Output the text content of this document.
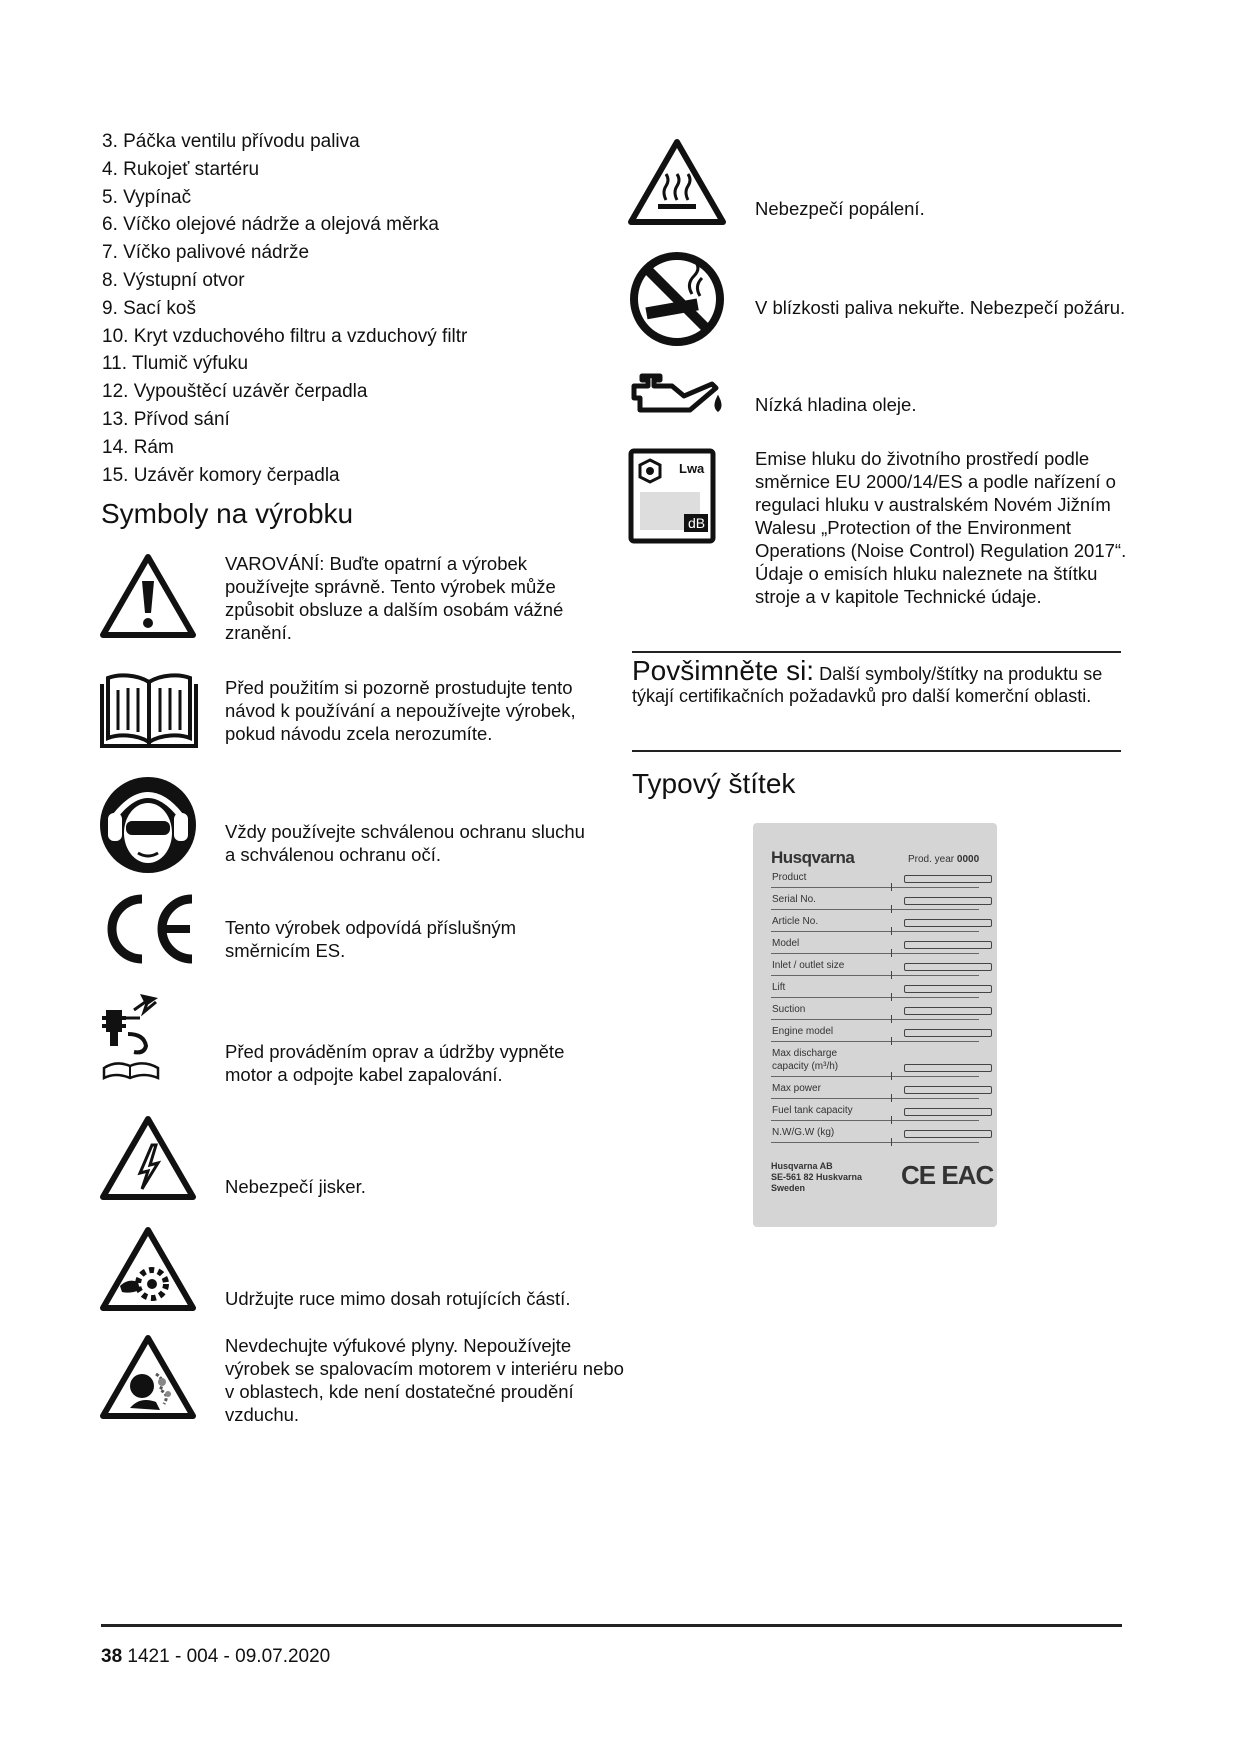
3. Páčka ventilu přívodu paliva
4. Rukojeť startéru
5. Vypínač
6. Víčko olejové nádrže a olejová měrka
7. Víčko palivové nádrže
8. Výstupní otvor
9. Sací koš
10. Kryt vzduchového filtru a vzduchový filtr
11. Tlumič výfuku
12. Vypouštěcí uzávěr čerpadla
13. Přívod sání
14. Rám
15. Uzávěr komory čerpadla
Symboly na výrobku
VAROVÁNÍ: Buďte opatrní a výrobek používejte správně. Tento výrobek může způsobit obsluze a dalším osobám vážné zranění.
Před použitím si pozorně prostudujte tento návod k používání a nepoužívejte výrobek, pokud návodu zcela nerozumíte.
Vždy používejte schválenou ochranu sluchu a schválenou ochranu očí.
Tento výrobek odpovídá příslušným směrnicím ES.
Před prováděním oprav a údržby vypněte motor a odpojte kabel zapalování.
Nebezpečí jisker.
Udržujte ruce mimo dosah rotujících částí.
Nevdechujte výfukové plyny. Nepoužívejte výrobek se spalovacím motorem v interiéru nebo v oblastech, kde není dostatečné proudění vzduchu.
Nebezpečí popálení.
V blízkosti paliva nekuřte. Nebezpečí požáru.
Nízká hladina oleje.
Lwa
dB
Emise hluku do životního prostředí podle směrnice EU 2000/14/ES a podle nařízení o regulaci hluku v australském Novém Jižním Walesu „Protection of the Environment Operations (Noise Control) Regulation 2017“. Údaje o emisích hluku naleznete na štítku stroje a v kapitole Technické údaje.
Povšimněte si: Další symboly/štítky na produktu se týkají certifikačních požadavků pro další komerční oblasti.
Typový štítek
Husqvarna	Prod. year 0000
Product
Serial No.
Article No.
Model
Inlet / outlet size
Lift
Suction
Engine model
Max discharge capacity (m³/h)
Max power
Fuel tank capacity
N.W/G.W (kg)
Husqvarna AB
SE-561 82 Huskvarna
Sweden	CE EAC
38 1421 - 004 - 09.07.2020
